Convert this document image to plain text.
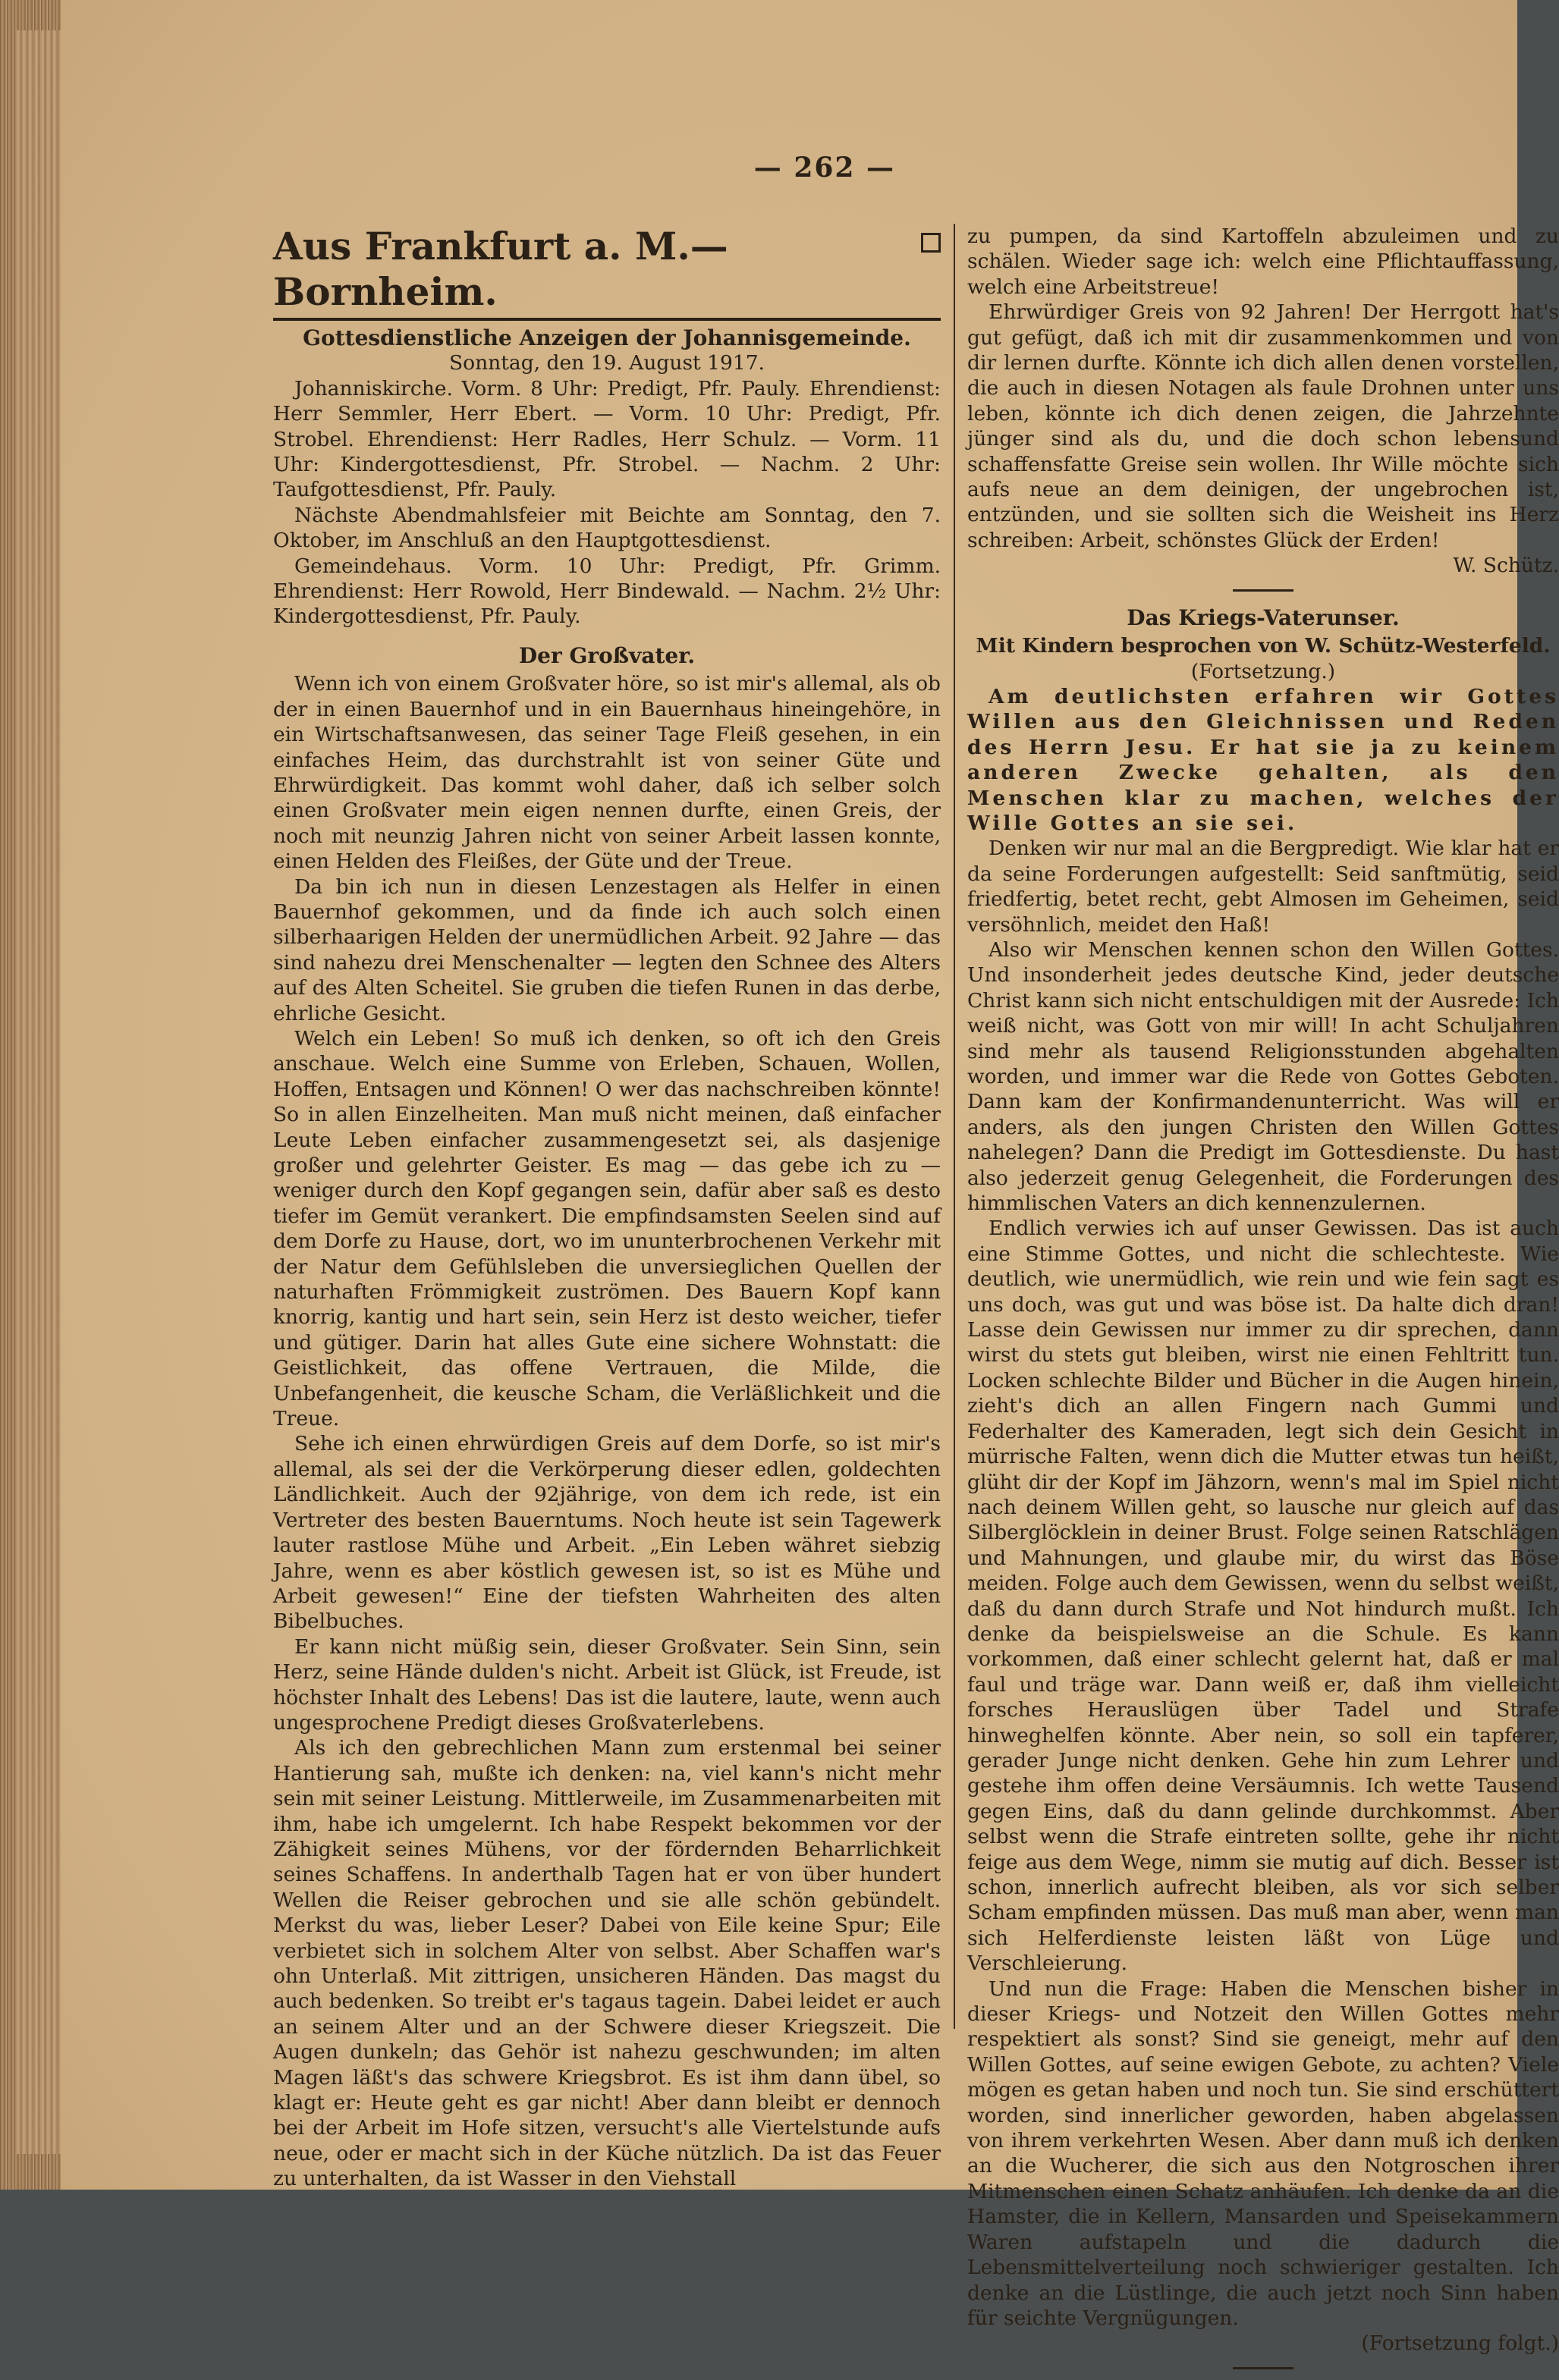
— 262 —
Aus Frankfurt a. M.—Bornheim.
Gottesdienstliche Anzeigen der Johannisgemeinde.
Sonntag, den 19. August 1917.

Johanniskirche. Vorm. 8 Uhr: Predigt, Pfr. Pauly. Ehrendienst: Herr Semmler, Herr Ebert. — Vorm. 10 Uhr: Predigt, Pfr. Strobel. Ehrendienst: Herr Radles, Herr Schulz. — Vorm. 11 Uhr: Kindergottesdienst, Pfr. Strobel. — Nachm. 2 Uhr: Taufgottesdienst, Pfr. Pauly.

Nächste Abendmahlsfeier mit Beichte am Sonntag, den 7. Oktober, im Anschluß an den Hauptgottesdienst.

Gemeindehaus. Vorm. 10 Uhr: Predigt, Pfr. Grimm. Ehrendienst: Herr Rowold, Herr Bindewald. — Nachm. 2½ Uhr: Kindergottesdienst, Pfr. Pauly.

Der Großvater.

Wenn ich von einem Großvater höre, so ist mir's allemal, als ob der in einen Bauernhof und in ein Bauernhaus hineingehöre, in ein Wirtschaftsanwesen, das seiner Tage Fleiß gesehen, in ein einfaches Heim, das durchstrahlt ist von seiner Güte und Ehrwürdigkeit. Das kommt wohl daher, daß ich selber solch einen Großvater mein eigen nennen durfte, einen Greis, der noch mit neunzig Jahren nicht von seiner Arbeit lassen konnte, einen Helden des Fleißes, der Güte und der Treue.

Da bin ich nun in diesen Lenzestagen als Helfer in einen Bauernhof gekommen, und da finde ich auch solch einen silberhaarigen Helden der unermüdlichen Arbeit. 92 Jahre — das sind nahezu drei Menschenalter — legten den Schnee des Alters auf des Alten Scheitel. Sie gruben die tiefen Runen in das derbe, ehrliche Gesicht.

Welch ein Leben! So muß ich denken, so oft ich den Greis anschaue. Welch eine Summe von Erleben, Schauen, Wollen, Hoffen, Entsagen und Können! O wer das nachschreiben könnte! So in allen Einzelheiten. Man muß nicht meinen, daß einfacher Leute Leben einfacher zusammengesetzt sei, als dasjenige großer und gelehrter Geister. Es mag — das gebe ich zu — weniger durch den Kopf gegangen sein, dafür aber saß es desto tiefer im Gemüt verankert. Die empfindsamsten Seelen sind auf dem Dorfe zu Hause, dort, wo im ununterbrochenen Verkehr mit der Natur dem Gefühlsleben die unversieglichen Quellen der naturhaften Frömmigkeit zuströmen. Des Bauern Kopf kann knorrig, kantig und hart sein, sein Herz ist desto weicher, tiefer und gütiger. Darin hat alles Gute eine sichere Wohnstatt: die Geistlichkeit, das offene Vertrauen, die Milde, die Unbefangenheit, die keusche Scham, die Verläßlichkeit und die Treue.

Sehe ich einen ehrwürdigen Greis auf dem Dorfe, so ist mir's allemal, als sei der die Verkörperung dieser edlen, goldechten Ländlichkeit. Auch der 92jährige, von dem ich rede, ist ein Vertreter des besten Bauerntums. Noch heute ist sein Tagewerk lauter rastlose Mühe und Arbeit. „Ein Leben währet siebzig Jahre, wenn es aber köstlich gewesen ist, so ist es Mühe und Arbeit gewesen!“ Eine der tiefsten Wahrheiten des alten Bibelbuches.

Er kann nicht müßig sein, dieser Großvater. Sein Sinn, sein Herz, seine Hände dulden's nicht. Arbeit ist Glück, ist Freude, ist höchster Inhalt des Lebens! Das ist die lautere, laute, wenn auch ungesprochene Predigt dieses Großvaterlebens.

Als ich den gebrechlichen Mann zum erstenmal bei seiner Hantierung sah, mußte ich denken: na, viel kann's nicht mehr sein mit seiner Leistung. Mittlerweile, im Zusammenarbeiten mit ihm, habe ich umgelernt. Ich habe Respekt bekommen vor der Zähigkeit seines Mühens, vor der fördernden Beharrlichkeit seines Schaffens. In anderthalb Tagen hat er von über hundert Wellen die Reiser gebrochen und sie alle schön gebündelt. Merkst du was, lieber Leser? Dabei von Eile keine Spur; Eile verbietet sich in solchem Alter von selbst. Aber Schaffen war's ohn Unterlaß. Mit zittrigen, unsicheren Händen. Das magst du auch bedenken. So treibt er's tagaus tagein. Dabei leidet er auch an seinem Alter und an der Schwere dieser Kriegszeit. Die Augen dunkeln; das Gehör ist nahezu geschwunden; im alten Magen läßt's das schwere Kriegsbrot. Es ist ihm dann übel, so klagt er: Heute geht es gar nicht! Aber dann bleibt er dennoch bei der Arbeit im Hofe sitzen, versucht's alle Viertelstunde aufs neue, oder er macht sich in der Küche nützlich. Da ist das Feuer zu unterhalten, da ist Wasser in den Viehstall

zu pumpen, da sind Kartoffeln abzuleimen und zu schälen. Wieder sage ich: welch eine Pflichtauffassung, welch eine Arbeitstreue!

Ehrwürdiger Greis von 92 Jahren! Der Herrgott hat's gut gefügt, daß ich mit dir zusammenkommen und von dir lernen durfte. Könnte ich dich allen denen vorstellen, die auch in diesen Notagen als faule Drohnen unter uns leben, könnte ich dich denen zeigen, die Jahrzehnte jünger sind als du, und die doch schon lebensund schaffensfatte Greise sein wollen. Ihr Wille möchte sich aufs neue an dem deinigen, der ungebrochen ist, entzünden, und sie sollten sich die Weisheit ins Herz schreiben: Arbeit, schönstes Glück der Erden!

W. Schütz.
Das Kriegs-Vaterunser.
Mit Kindern besprochen von W. Schütz-Westerfeld.
(Fortsetzung.)

Am deutlichsten erfahren wir Gottes Willen aus den Gleichnissen und Reden des Herrn Jesu. Er hat sie ja zu keinem anderen Zwecke gehalten, als den Menschen klar zu machen, welches der Wille Gottes an sie sei.

Denken wir nur mal an die Bergpredigt. Wie klar hat er da seine Forderungen aufgestellt: Seid sanftmütig, seid friedfertig, betet recht, gebt Almosen im Geheimen, seid versöhnlich, meidet den Haß!

Also wir Menschen kennen schon den Willen Gottes. Und insonderheit jedes deutsche Kind, jeder deutsche Christ kann sich nicht entschuldigen mit der Ausrede: Ich weiß nicht, was Gott von mir will! In acht Schuljahren sind mehr als tausend Religionsstunden abgehalten worden, und immer war die Rede von Gottes Geboten. Dann kam der Konfirmandenunterricht. Was will er anders, als den jungen Christen den Willen Gottes nahelegen? Dann die Predigt im Gottesdienste. Du hast also jederzeit genug Gelegenheit, die Forderungen des himmlischen Vaters an dich kennenzulernen.

Endlich verwies ich auf unser Gewissen. Das ist auch eine Stimme Gottes, und nicht die schlechteste. Wie deutlich, wie unermüdlich, wie rein und wie fein sagt es uns doch, was gut und was böse ist. Da halte dich dran! Lasse dein Gewissen nur immer zu dir sprechen, dann wirst du stets gut bleiben, wirst nie einen Fehltritt tun. Locken schlechte Bilder und Bücher in die Augen hinein, zieht's dich an allen Fingern nach Gummi und Federhalter des Kameraden, legt sich dein Gesicht in mürrische Falten, wenn dich die Mutter etwas tun heißt, glüht dir der Kopf im Jähzorn, wenn's mal im Spiel nicht nach deinem Willen geht, so lausche nur gleich auf das Silberglöcklein in deiner Brust. Folge seinen Ratschlägen und Mahnungen, und glaube mir, du wirst das Böse meiden. Folge auch dem Gewissen, wenn du selbst weißt, daß du dann durch Strafe und Not hindurch mußt. Ich denke da beispielsweise an die Schule. Es kann vorkommen, daß einer schlecht gelernt hat, daß er mal faul und träge war. Dann weiß er, daß ihm vielleicht forsches Herauslügen über Tadel und Strafe hinweghelfen könnte. Aber nein, so soll ein tapferer, gerader Junge nicht denken. Gehe hin zum Lehrer und gestehe ihm offen deine Versäumnis. Ich wette Tausend gegen Eins, daß du dann gelinde durchkommst. Aber selbst wenn die Strafe eintreten sollte, gehe ihr nicht feige aus dem Wege, nimm sie mutig auf dich. Besser ist schon, innerlich aufrecht bleiben, als vor sich selber Scham empfinden müssen. Das muß man aber, wenn man sich Helferdienste leisten läßt von Lüge und Verschleierung.

Und nun die Frage: Haben die Menschen bisher in dieser Kriegs- und Notzeit den Willen Gottes mehr respektiert als sonst? Sind sie geneigt, mehr auf den Willen Gottes, auf seine ewigen Gebote, zu achten? Viele mögen es getan haben und noch tun. Sie sind erschüttert worden, sind innerlicher geworden, haben abgelassen von ihrem verkehrten Wesen. Aber dann muß ich denken an die Wucherer, die sich aus den Notgroschen ihrer Mitmenschen einen Schatz anhäufen. Ich denke da an die Hamster, die in Kellern, Mansarden und Speisekammern Waren aufstapeln und die dadurch die Lebensmittelverteilung noch schwieriger gestalten. Ich denke an die Lüstlinge, die auch jetzt noch Sinn haben für seichte Vergnügungen.

(Fortsetzung folgt.)
